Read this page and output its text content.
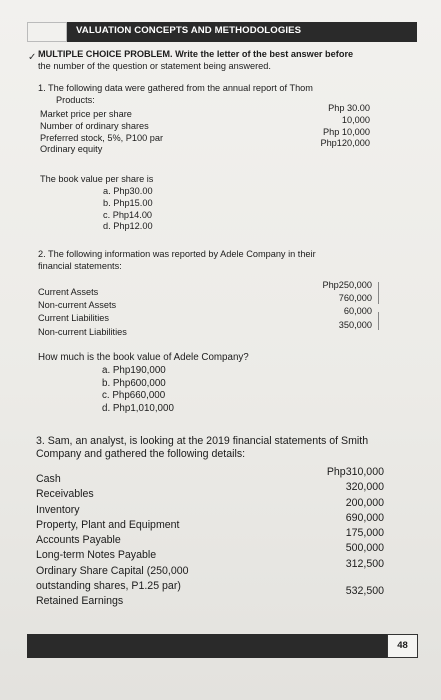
VALUATION CONCEPTS AND METHODOLOGIES
✓ MULTIPLE CHOICE PROBLEM. Write the letter of the best answer before
the number of the question or statement being answered.
1. The following data were gathered from the annual report of Thom
Products:
Market price per share
Number of ordinary shares
Preferred stock, 5%, P100 par
Ordinary equity
Php 30.00
10,000
Php 10,000
Php120,000
The book value per share is
a. Php30.00
b. Php15.00
c. Php14.00
d. Php12.00
2. The following information was reported by Adele Company in their
financial statements:
Current Assets
Non-current Assets
Current Liabilities
Non-current Liabilities
Php250,000
760,000
60,000
350,000
How much is the book value of Adele Company?
a. Php190,000
b. Php600,000
c. Php660,000
d. Php1,010,000
3. Sam, an analyst, is looking at the 2019 financial statements of Smith
Company and gathered the following details:
Cash
Receivables
Inventory
Property, Plant and Equipment
Accounts Payable
Long-term Notes Payable
Ordinary Share Capital (250,000
outstanding shares, P1.25 par)
Retained Earnings
Php310,000
320,000
200,000
690,000
175,000
500,000
312,500
532,500
48
